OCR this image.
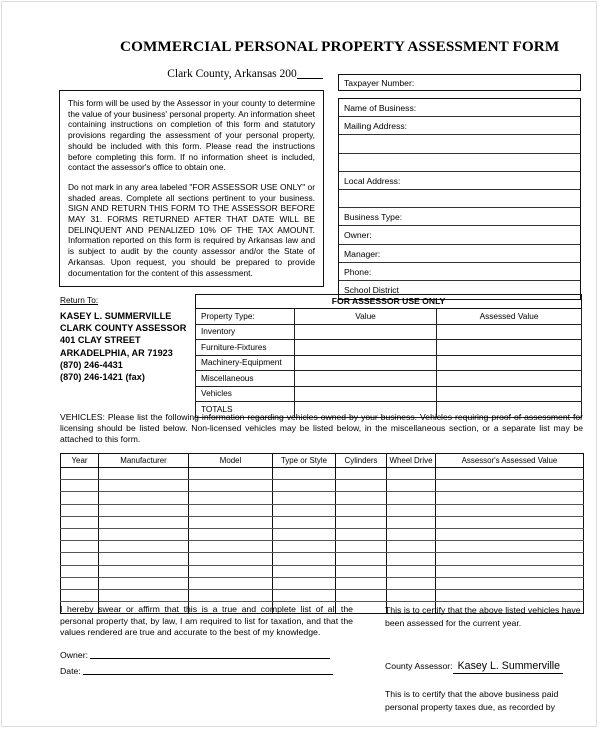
COMMERCIAL PERSONAL PROPERTY ASSESSMENT FORM
Clark County, Arkansas 200

This form will be used by the Assessor in your county to determine the value of your business' personal property. An information sheet containing instructions on completion of this form and statutory provisions regarding the assessment of your personal property, should be included with this form. Please read the instructions before completing this form. If no information sheet is included, contact the assessor's office to obtain one.

Do not mark in any area labeled "FOR ASSESSOR USE ONLY" or shaded areas. Complete all sections pertinent to your business. SIGN AND RETURN THIS FORM TO THE ASSESSOR BEFORE MAY 31. FORMS RETURNED AFTER THAT DATE WILL BE DELINQUENT AND PENALIZED 10% OF THE TAX AMOUNT. Information reported on this form is required by Arkansas law and is subject to audit by the county assessor and/or the State of Arkansas. Upon request, you should be prepared to provide documentation for the content of this assessment.

Taxpayer Number:
Name of Business:
Mailing Address:
Local Address:
Business Type:
Owner:
Manager:
Phone:
School District
Return To:
KASEY L. SUMMERVILLE
CLARK COUNTY ASSESSOR
401 CLAY STREET
ARKADELPHIA, AR 71923
(870) 246-4431
(870) 246-1421 (fax)
FOR ASSESSOR USE ONLY		
Property Type:	Value	Assessed Value
Inventory		
Furniture-Fixtures		
Machinery-Equipment		
Miscellaneous		
Vehicles		
TOTALS		
VEHICLES: Please list the following information regarding vehicles owned by your business. Vehicles requiring proof of assessment for licensing should be listed below. Non-licensed vehicles may be listed below, in the miscellaneous section, or a separate list may be attached to this form.
Year	Manufacturer	Model	Type or Style	Cylinders	Wheel Drive	Assessor's Assessed Value

I hereby swear or affirm that this is a true and complete list of all the personal property that, by law, I am required to list for taxation, and that the values rendered are true and accurate to the best of my knowledge.
Owner:
Date:
This is to certify that the above listed vehicles have been assessed for the current year.
County Assessor: Kasey L. Summerville
This is to certify that the above business paid personal property taxes due, as recorded by
